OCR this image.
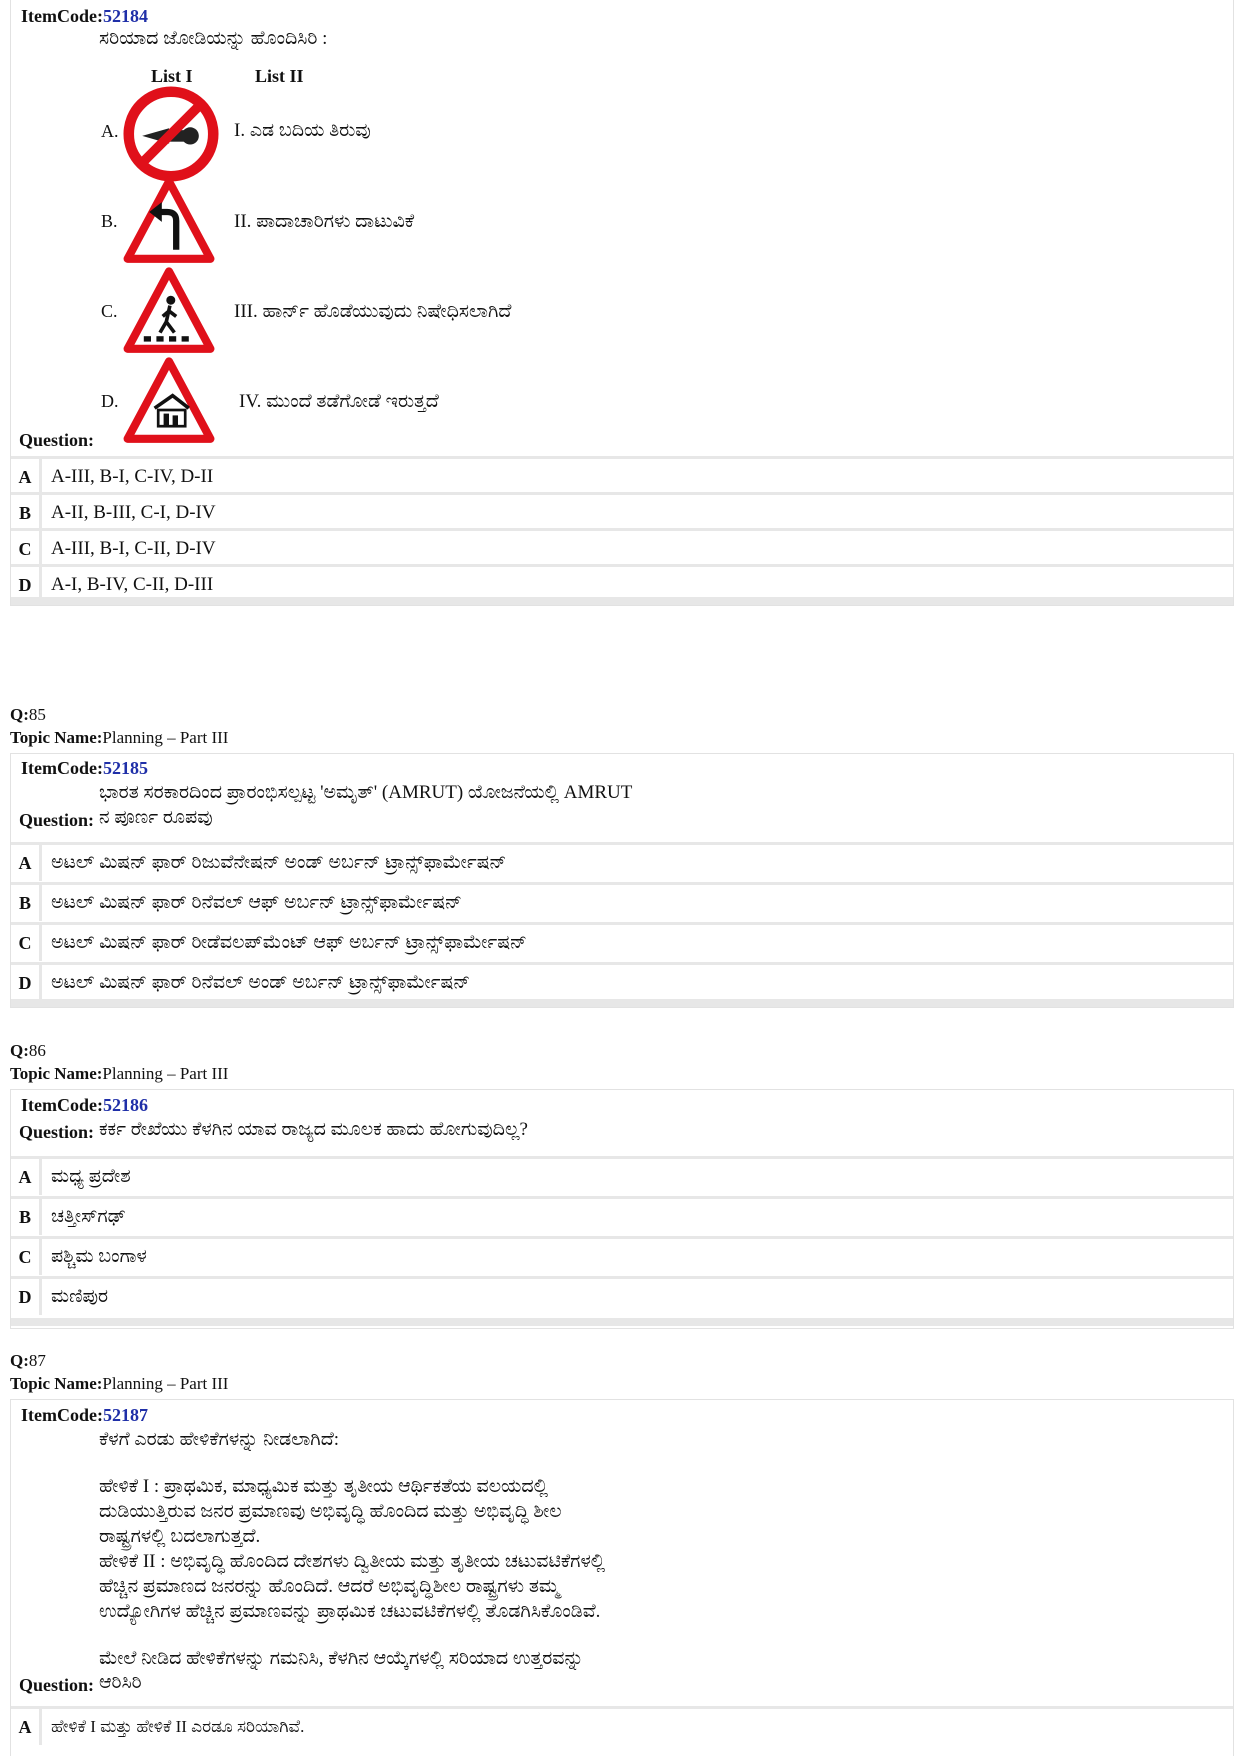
ItemCode:52184
ಸರಿಯಾದ ಜೋಡಿಯನ್ನು ಹೊಂದಿಸಿರಿ :
List I	List II
A.	I. ಎಡ ಬದಿಯ ತಿರುವು
B.	II. ಪಾದಾಚಾರಿಗಳು ದಾಟುವಿಕೆ
C.	III. ಹಾರ್ನ್ ಹೊಡೆಯುವುದು ನಿಷೇಧಿಸಲಾಗಿದೆ
D.	IV. ಮುಂದೆ ತಡೆಗೋಡೆ ಇರುತ್ತದೆ
Question:
A	A-III, B-I, C-IV, D-II
B	A-II, B-III, C-I, D-IV
C	A-III, B-I, C-II, D-IV
D	A-I, B-IV, C-II, D-III
Q:85
Topic Name:Planning – Part III
ItemCode:52185
ಭಾರತ ಸರಕಾರದಿಂದ ಪ್ರಾರಂಭಿಸಲ್ಪಟ್ಟ 'ಅಮೃತ್' (AMRUT) ಯೋಜನೆಯಲ್ಲಿ AMRUT
Question: ನ ಪೂರ್ಣ ರೂಪವು
A	ಅಟಲ್ ಮಿಷನ್ ಫಾರ್ ರಿಜುವೆನೇಷನ್ ಅಂಡ್ ಅರ್ಬನ್ ಟ್ರಾನ್ಸ್‌ಫಾರ್ಮೇಷನ್
B	ಅಟಲ್ ಮಿಷನ್ ಫಾರ್ ರಿನೆವಲ್ ಆಫ್ ಅರ್ಬನ್ ಟ್ರಾನ್ಸ್‌ಫಾರ್ಮೇಷನ್
C	ಅಟಲ್ ಮಿಷನ್ ಫಾರ್ ರೀಡೆವಲಪ್‌ಮೆಂಟ್ ಆಫ್ ಅರ್ಬನ್ ಟ್ರಾನ್ಸ್‌ಫಾರ್ಮೇಷನ್
D	ಅಟಲ್ ಮಿಷನ್ ಫಾರ್ ರಿನೆವಲ್ ಅಂಡ್ ಅರ್ಬನ್ ಟ್ರಾನ್ಸ್‌ಫಾರ್ಮೇಷನ್
Q:86
Topic Name:Planning – Part III
ItemCode:52186
Question: ಕರ್ಕ ರೇಖೆಯು ಕೆಳಗಿನ ಯಾವ ರಾಜ್ಯದ ಮೂಲಕ ಹಾದು ಹೋಗುವುದಿಲ್ಲ?
A	ಮಧ್ಯ ಪ್ರದೇಶ
B	ಚತ್ತೀಸ್‌ಗಢ್
C	ಪಶ್ಚಿಮ ಬಂಗಾಳ
D	ಮಣಿಪುರ
Q:87
Topic Name:Planning – Part III
ItemCode:52187
ಕೆಳಗೆ ಎರಡು ಹೇಳಿಕೆಗಳನ್ನು ನೀಡಲಾಗಿದೆ:
ಹೇಳಿಕೆ I : ಪ್ರಾಥಮಿಕ, ಮಾಧ್ಯಮಿಕ ಮತ್ತು ತೃತೀಯ ಆರ್ಥಿಕತೆಯ ವಲಯದಲ್ಲಿ
ದುಡಿಯುತ್ತಿರುವ ಜನರ ಪ್ರಮಾಣವು ಅಭಿವೃದ್ಧಿ ಹೊಂದಿದ ಮತ್ತು ಅಭಿವೃದ್ಧಿ ಶೀಲ
ರಾಷ್ಟ್ರಗಳಲ್ಲಿ ಬದಲಾಗುತ್ತದೆ.
ಹೇಳಿಕೆ II : ಅಭಿವೃದ್ಧಿ ಹೊಂದಿದ ದೇಶಗಳು ದ್ವಿತೀಯ ಮತ್ತು ತೃತೀಯ ಚಟುವಟಿಕೆಗಳಲ್ಲಿ
ಹೆಚ್ಚಿನ ಪ್ರಮಾಣದ ಜನರನ್ನು ಹೊಂದಿದೆ. ಆದರೆ ಅಭಿವೃದ್ಧಿಶೀಲ ರಾಷ್ಟ್ರಗಳು ತಮ್ಮ
ಉದ್ಯೋಗಿಗಳ ಹೆಚ್ಚಿನ ಪ್ರಮಾಣವನ್ನು ಪ್ರಾಥಮಿಕ ಚಟುವಟಿಕೆಗಳಲ್ಲಿ ತೊಡಗಿಸಿಕೊಂಡಿವೆ.
ಮೇಲೆ ನೀಡಿದ ಹೇಳಿಕೆಗಳನ್ನು ಗಮನಿಸಿ, ಕೆಳಗಿನ ಆಯ್ಕೆಗಳಲ್ಲಿ ಸರಿಯಾದ ಉತ್ತರವನ್ನು
Question: ಆರಿಸಿರಿ
A	ಹೇಳಿಕೆ I ಮತ್ತು ಹೇಳಿಕೆ II ಎರಡೂ ಸರಿಯಾಗಿವೆ.
